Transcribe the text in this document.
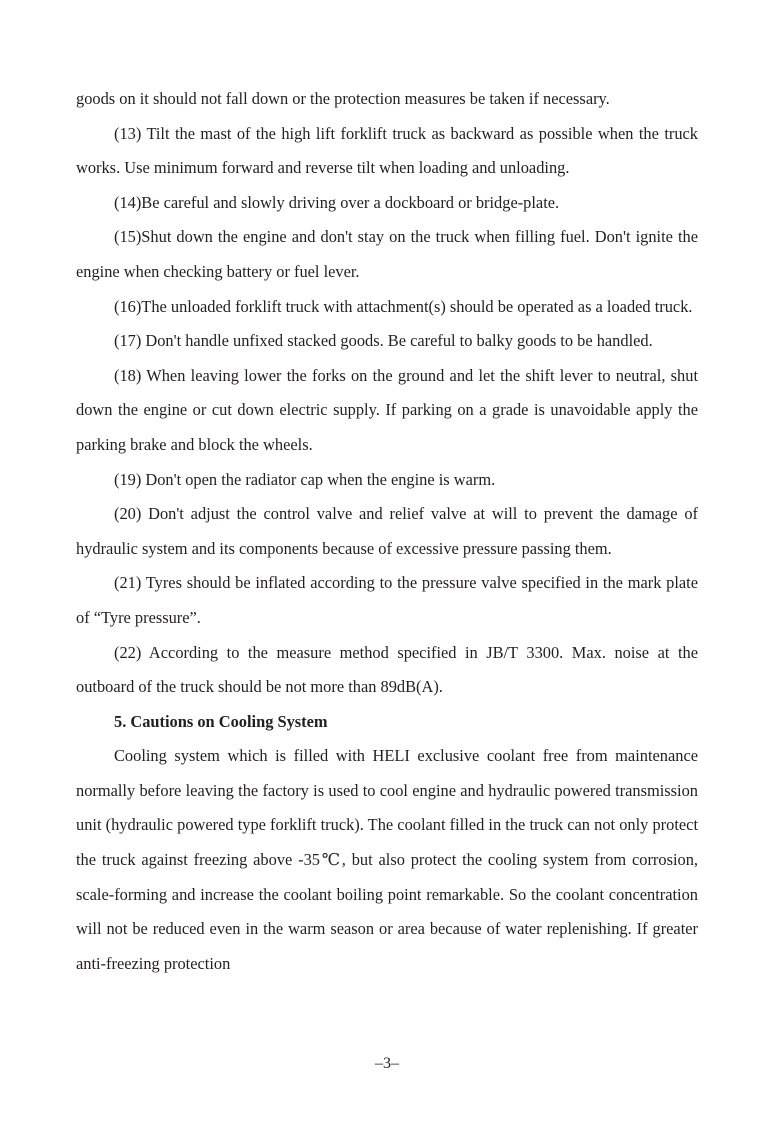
goods on it should not fall down or the protection measures be taken if necessary.

(13) Tilt the mast of the high lift forklift truck as backward as possible when the truck works. Use minimum forward and reverse tilt when loading and unloading.

(14)Be careful and slowly driving over a dockboard or bridge-plate.

(15)Shut down the engine and don't stay on the truck when filling fuel. Don't ignite the engine when checking battery or fuel lever.

(16)The unloaded forklift truck with attachment(s) should be operated as a loaded truck.

(17) Don't handle unfixed stacked goods. Be careful to balky goods to be handled.

(18) When leaving lower the forks on the ground and let the shift lever to neutral, shut down the engine or cut down electric supply. If parking on a grade is unavoidable apply the parking brake and block the wheels.

(19) Don't open the radiator cap when the engine is warm.

(20) Don't adjust the control valve and relief valve at will to prevent the damage of hydraulic system and its components because of excessive pressure passing them.

(21) Tyres should be inflated according to the pressure valve specified in the mark plate of “Tyre pressure”.

(22) According to the measure method specified in JB/T 3300. Max. noise at the outboard of the truck should be not more than 89dB(A).

5. Cautions on Cooling System

Cooling system which is filled with HELI exclusive coolant free from maintenance normally before leaving the factory is used to cool engine and hydraulic powered transmission unit (hydraulic powered type forklift truck). The coolant filled in the truck can not only protect the truck against freezing above -35℃, but also protect the cooling system from corrosion, scale-forming and increase the coolant boiling point remarkable. So the coolant concentration will not be reduced even in the warm season or area because of water replenishing. If greater anti-freezing protection

–3–
